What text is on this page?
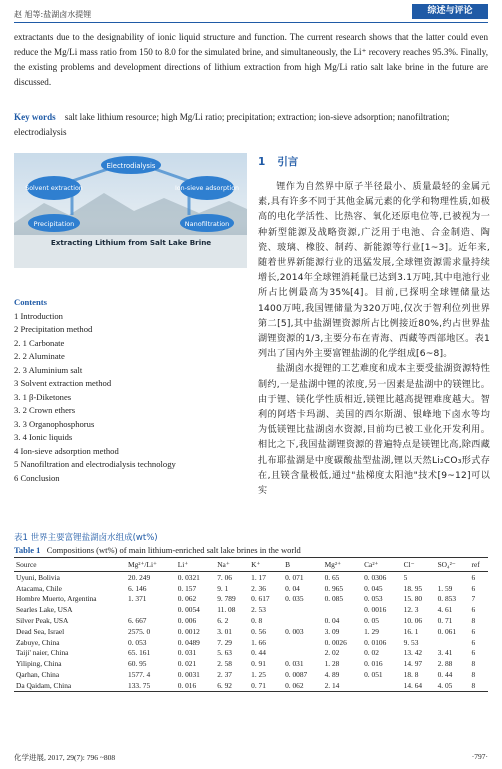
赵 旭等:盐湖卤水提锂	综述与评论
extractants due to the designability of ionic liquid structure and function. The current research shows that the latter could even reduce the Mg/Li mass ratio from 150 to 8.0 for the simulated brine, and simultaneously, the Li⁺ recovery reaches 95.3%. Finally, the existing problems and development directions of lithium extraction from high Mg/Li ratio salt lake brine in the future are discussed.
Key words salt lake lithium resource; high Mg/Li ratio; precipitation; extraction; ion-sieve adsorption; nanofiltration; electrodialysis
Electrodialysis
Solvent extraction	Ion-sieve adsorption
Precipitation	Nanofiltration
Extracting Lithium from Salt Lake Brine
Contents
1 Introduction
2 Precipitation method
2. 1 Carbonate
2. 2 Aluminate
2. 3 Aluminium salt
3 Solvent extraction method
3. 1 β-Diketones
3. 2 Crown ethers
3. 3 Organophosphorus
3. 4 Ionic liquids
4 Ion-sieve adsorption method
5 Nanofiltration and electrodialysis technology
6 Conclusion
1 引言

锂作为自然界中原子半径最小、质量最轻的金属元素,具有许多不同于其他金属元素的化学和物理性质,如极高的电化学活性、比热容、氧化还原电位等,已被视为一种新型能源及战略资源,广泛用于电池、合金制造、陶瓷、玻璃、橡胶、制药、新能源等行业[1~3]。近年来,随着世界新能源行业的迅猛发展,全球锂资源需求量持续增长,2014年全球锂消耗量已达到3.1万吨,其中电池行业所占比例最高为35%[4]。目前,已探明全球锂储量达1400万吨,我国锂储量为320万吨,仅次于智利位列世界第二[5],其中盐湖锂资源所占比例接近80%,约占世界盐湖锂资源的1/3,主要分布在青海、西藏等西部地区。表1列出了国内外主要富锂盐湖的化学组成[6~8]。

盐湖卤水提锂的工艺难度和成本主要受盐湖资源特性制约,一是盐湖中锂的浓度,另一因素是盐湖中的镁锂比。由于锂、镁化学性质相近,镁锂比越高提锂难度越大。智利的阿塔卡玛湖、美国的西尔斯湖、银峰地下卤水等均为低镁锂比盐湖卤水资源,目前均已被工业化开发利用。相比之下,我国盐湖锂资源的普遍特点是镁锂比高,除西藏扎布耶盐湖是中度碳酸盐型盐湖,锂以天然Li₂CO₃形式存在,且镁含量极低,通过"盐梯度太阳池"技术[9~12]可以实

表1 世界主要富锂盐湖卤水组成(wt%)
Table 1 Compositions (wt%) of main lithium-enriched salt lake brines in the world
Source	Mg²⁺/Li⁺	Li⁺	Na⁺	K⁺	B	Mg²⁺	Ca²⁺	Cl⁻	SO₄²⁻	ref
Uyuni, Bolivia	20. 249	0. 0321	7. 06	1. 17	0. 071	0. 65	0. 0306	5		6
Atacama, Chile	6. 146	0. 157	9. 1	2. 36	0. 04	0. 965	0. 045	18. 95	1. 59	6
Hombre Muerto, Argentina	1. 371	0. 062	9. 789	0. 617	0. 035	0. 085	0. 053	15. 80	0. 853	7
Searles Lake, USA		0. 0054	11. 08	2. 53			0. 0016	12. 3	4. 61	6
Silver Peak, USA	6. 667	0. 006	6. 2	0. 8		0. 04	0. 05	10. 06	0. 71	8
Dead Sea, Israel	2575. 0	0. 0012	3. 01	0. 56	0. 003	3. 09	1. 29	16. 1	0. 061	6
Zabuye, China	0. 053	0. 0489	7. 29	1. 66		0. 0026	0. 0106	9. 53		6
Taiji' naier, China	65. 161	0. 031	5. 63	0. 44		2. 02	0. 02	13. 42	3. 41	6
Yiliping, China	60. 95	0. 021	2. 58	0. 91	0. 031	1. 28	0. 016	14. 97	2. 88	8
Qarhan, China	1577. 4	0. 0031	2. 37	1. 25	0. 0087	4. 89	0. 051	18. 8	0. 44	8
Da Qaidam, China	133. 75	0. 016	6. 92	0. 71	0. 062	2. 14		14. 64	4. 05	8
化学进展, 2017, 29(7): 796 ~808	·797·
